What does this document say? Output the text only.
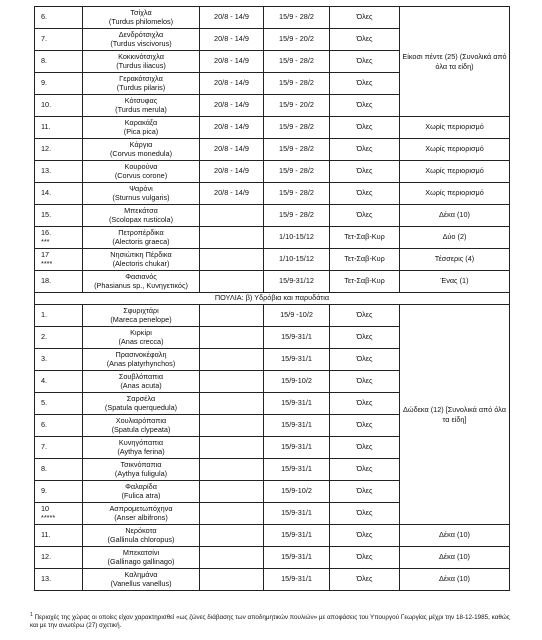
6.	Τσίχλα
(Turdus philomelos)	20/8 - 14/9	15/9 - 28/2	Όλες	Είκοσι πέντε (25) (Συνολικά από όλα τα είδη)

7.	Δενδρότσιχλα
(Turdus viscivorus)	20/8 - 14/9	15/9 - 20/2	Όλες	

8.	Κοκκινότσιχλα
(Turdus iliacus)	20/8 - 14/9	15/9 - 28/2	Όλες	

9.	Γερακότσιχλα
(Turdus pilaris)	20/8 - 14/9	15/9 - 28/2	Όλες	

10.	Κότσυφας
(Turdus merula)	20/8 - 14/9	15/9 - 20/2	Όλες	

11.	Καρακάξα
(Pica pica)	20/8 - 14/9	15/9 - 28/2	Όλες	Χωρίς περιορισμό

12.	Κάργια
(Corvus monedula)	20/8 - 14/9	15/9 - 28/2	Όλες	Χωρίς περιορισμό

13.	Κουρούνα
(Corvus corone)	20/8 - 14/9	15/9 - 28/2	Όλες	Χωρίς περιορισμό

14.	Ψαρόνι
(Sturnus vulgaris)	20/8 - 14/9	15/9 - 28/2	Όλες	Χωρίς περιορισμό

15.	Μπεκάτσα
(Scolopax rusticola)		15/9 - 28/2	Όλες	Δέκα (10)

16.
***	Πετροπέρδικα
(Alectoris graeca)		1/10-15/12	Τετ-Σαβ-Κυρ	Δύο (2)

17
****	Νησιώτικη Πέρδικα
(Alectoris chukar)		1/10-15/12	Τετ-Σαβ-Κυρ	Τέσσερις (4)

18.	Φασιανός
(Phasianus sp., Κυνηγετικός)		15/9-31/12	Τετ-Σαβ-Κυρ	Ένας (1)
ΠΟΥΛΙΑ: β) Υδρόβια και παρυδάτια					

1.	Σφυριχτάρι
(Mareca penelope)		15/9 -10/2	Όλες	Δώδεκα (12) [Συνολικά από όλα τα είδη]

2.	Κιρκίρι
(Anas crecca)		15/9-31/1	Όλες	

3.	Πρασινοκέφαλη
(Anas platyrhynchos)		15/9-31/1	Όλες	

4.	Σουβλόπαπια
(Anas acuta)		15/9-10/2	Όλες	

5.	Σαρσέλα
(Spatula querquedula)		15/9-31/1	Όλες	

6.	Χουλιαρόπαπια
(Spatula clypeata)		15/9-31/1	Όλες	

7.	Κυνηγόπαπια
(Aythya ferina)		15/9-31/1	Όλες	

8.	Τσικνόπαπια
(Aythya fuligula)		15/9-31/1	Όλες	

9.	Φαλαρίδα
(Fulica atra)		15/9-10/2	Όλες	

10
*****	Ασπρομετωπόχηνα
(Anser albifrons)		15/9-31/1	Όλες	

11.	Νερόκοτα
(Gallinula chloropus)		15/9-31/1	Όλες	Δέκα (10)

12.	Μπεκατσίνι
(Gallinago gallinago)		15/9-31/1	Όλες	Δέκα (10)

13.	Καλημάνα
(Vanellus vanellus)		15/9-31/1	Όλες	Δέκα (10)
$^1$ Περιοχές της χώρας οι οποίες είχαν χαρακτηρισθεί «ως ζώνες διάβασης των αποδημητικών πουλιών» με αποφάσεις του Υπουργού Γεωργίας μέχρι την 18-12-1985, καθώς και με την ανωτέρω (27) σχετική.
